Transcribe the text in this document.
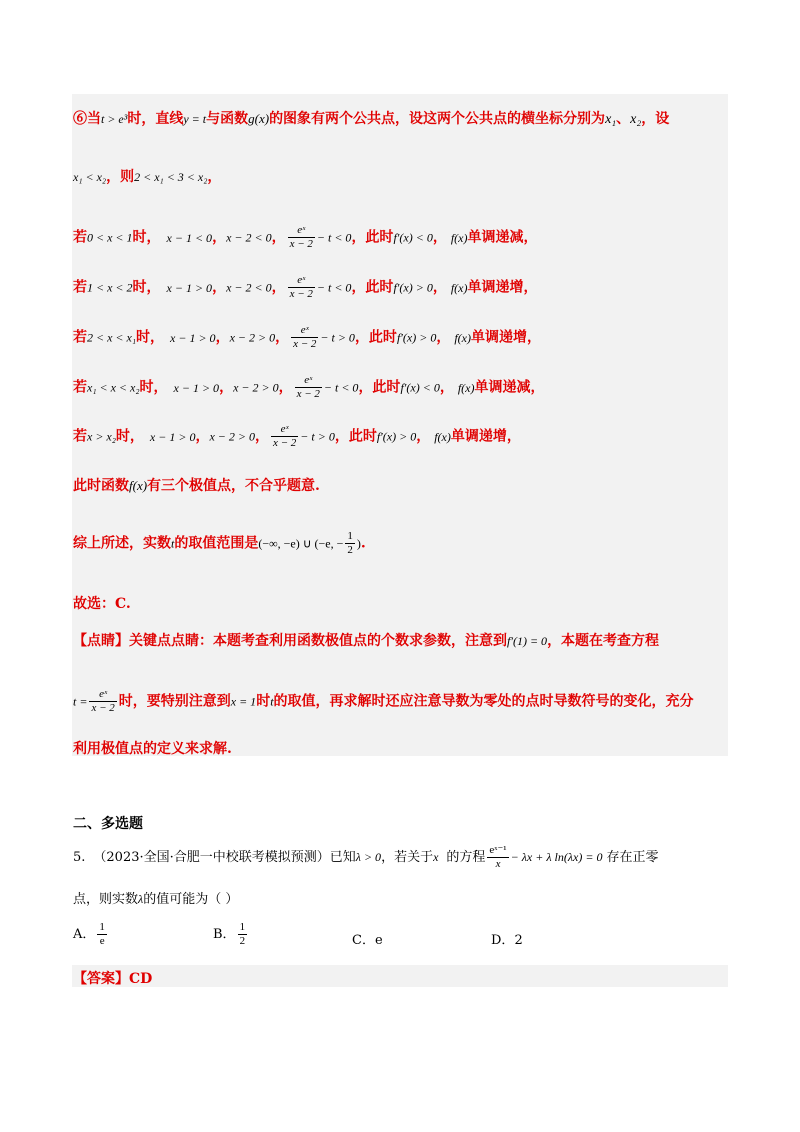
⑥当t > e³时，直线y = t与函数g(x)的图象有两个公共点，设这两个公共点的横坐标分别为x₁、x₂，设
x₁ < x₂，则2 < x₁ < 3 < x₂，
若0 < x < 1时， x − 1 < 0，x − 2 < 0， $\frac{\text{eˣ}}{x - 2} - t < 0$，此时f′(x) < 0， f(x)单调递减，
若1 < x < 2时， x − 1 > 0，x − 2 < 0， $\frac{\text{eˣ}}{x - 2} - t < 0$，此时f′(x) > 0， f(x)单调递增，
若2 < x < x₁时， x − 1 > 0，x − 2 > 0， $\frac{\text{eˣ}}{x - 2} - t > 0$，此时f′(x) > 0， f(x)单调递增，
若x₁ < x < x₂时， x − 1 > 0，x − 2 > 0， $\frac{\text{eˣ}}{x - 2} - t < 0$，此时f′(x) < 0， f(x)单调递减，
若x > x₂时， x − 1 > 0，x − 2 > 0， $\frac{\text{eˣ}}{x - 2} - t > 0$，此时f′(x) > 0， f(x)单调递增，
此时函数f(x)有三个极值点，不合乎题意.
综上所述，实数t的取值范围是(−∞, −e) ∪ (−e, − $\frac{1}{2}$ ).
故选：C.
【点睛】关键点点睛：本题考查利用函数极值点的个数求参数，注意到f′(1) = 0，本题在考查方程
$t = \frac{\text{eˣ}}{x - 2}$ 时，要特别注意到x = 1时t的取值，再求解时还应注意导数为零处的点时导数符号的变化，充分
利用极值点的定义来求解.
二、多选题
5. （2023·全国·合肥一中校联考模拟预测）已知λ > 0，若关于x 的方程 $\frac{\text{eˣ⁻¹}}{x} - \lambda x + \lambda$ ln(λx) = 0 存在正零
点，则实数λ的值可能为（ ）
A． $\frac{1}{e}$	B． $\frac{1}{2}$	C．e	D．2
【答案】CD
